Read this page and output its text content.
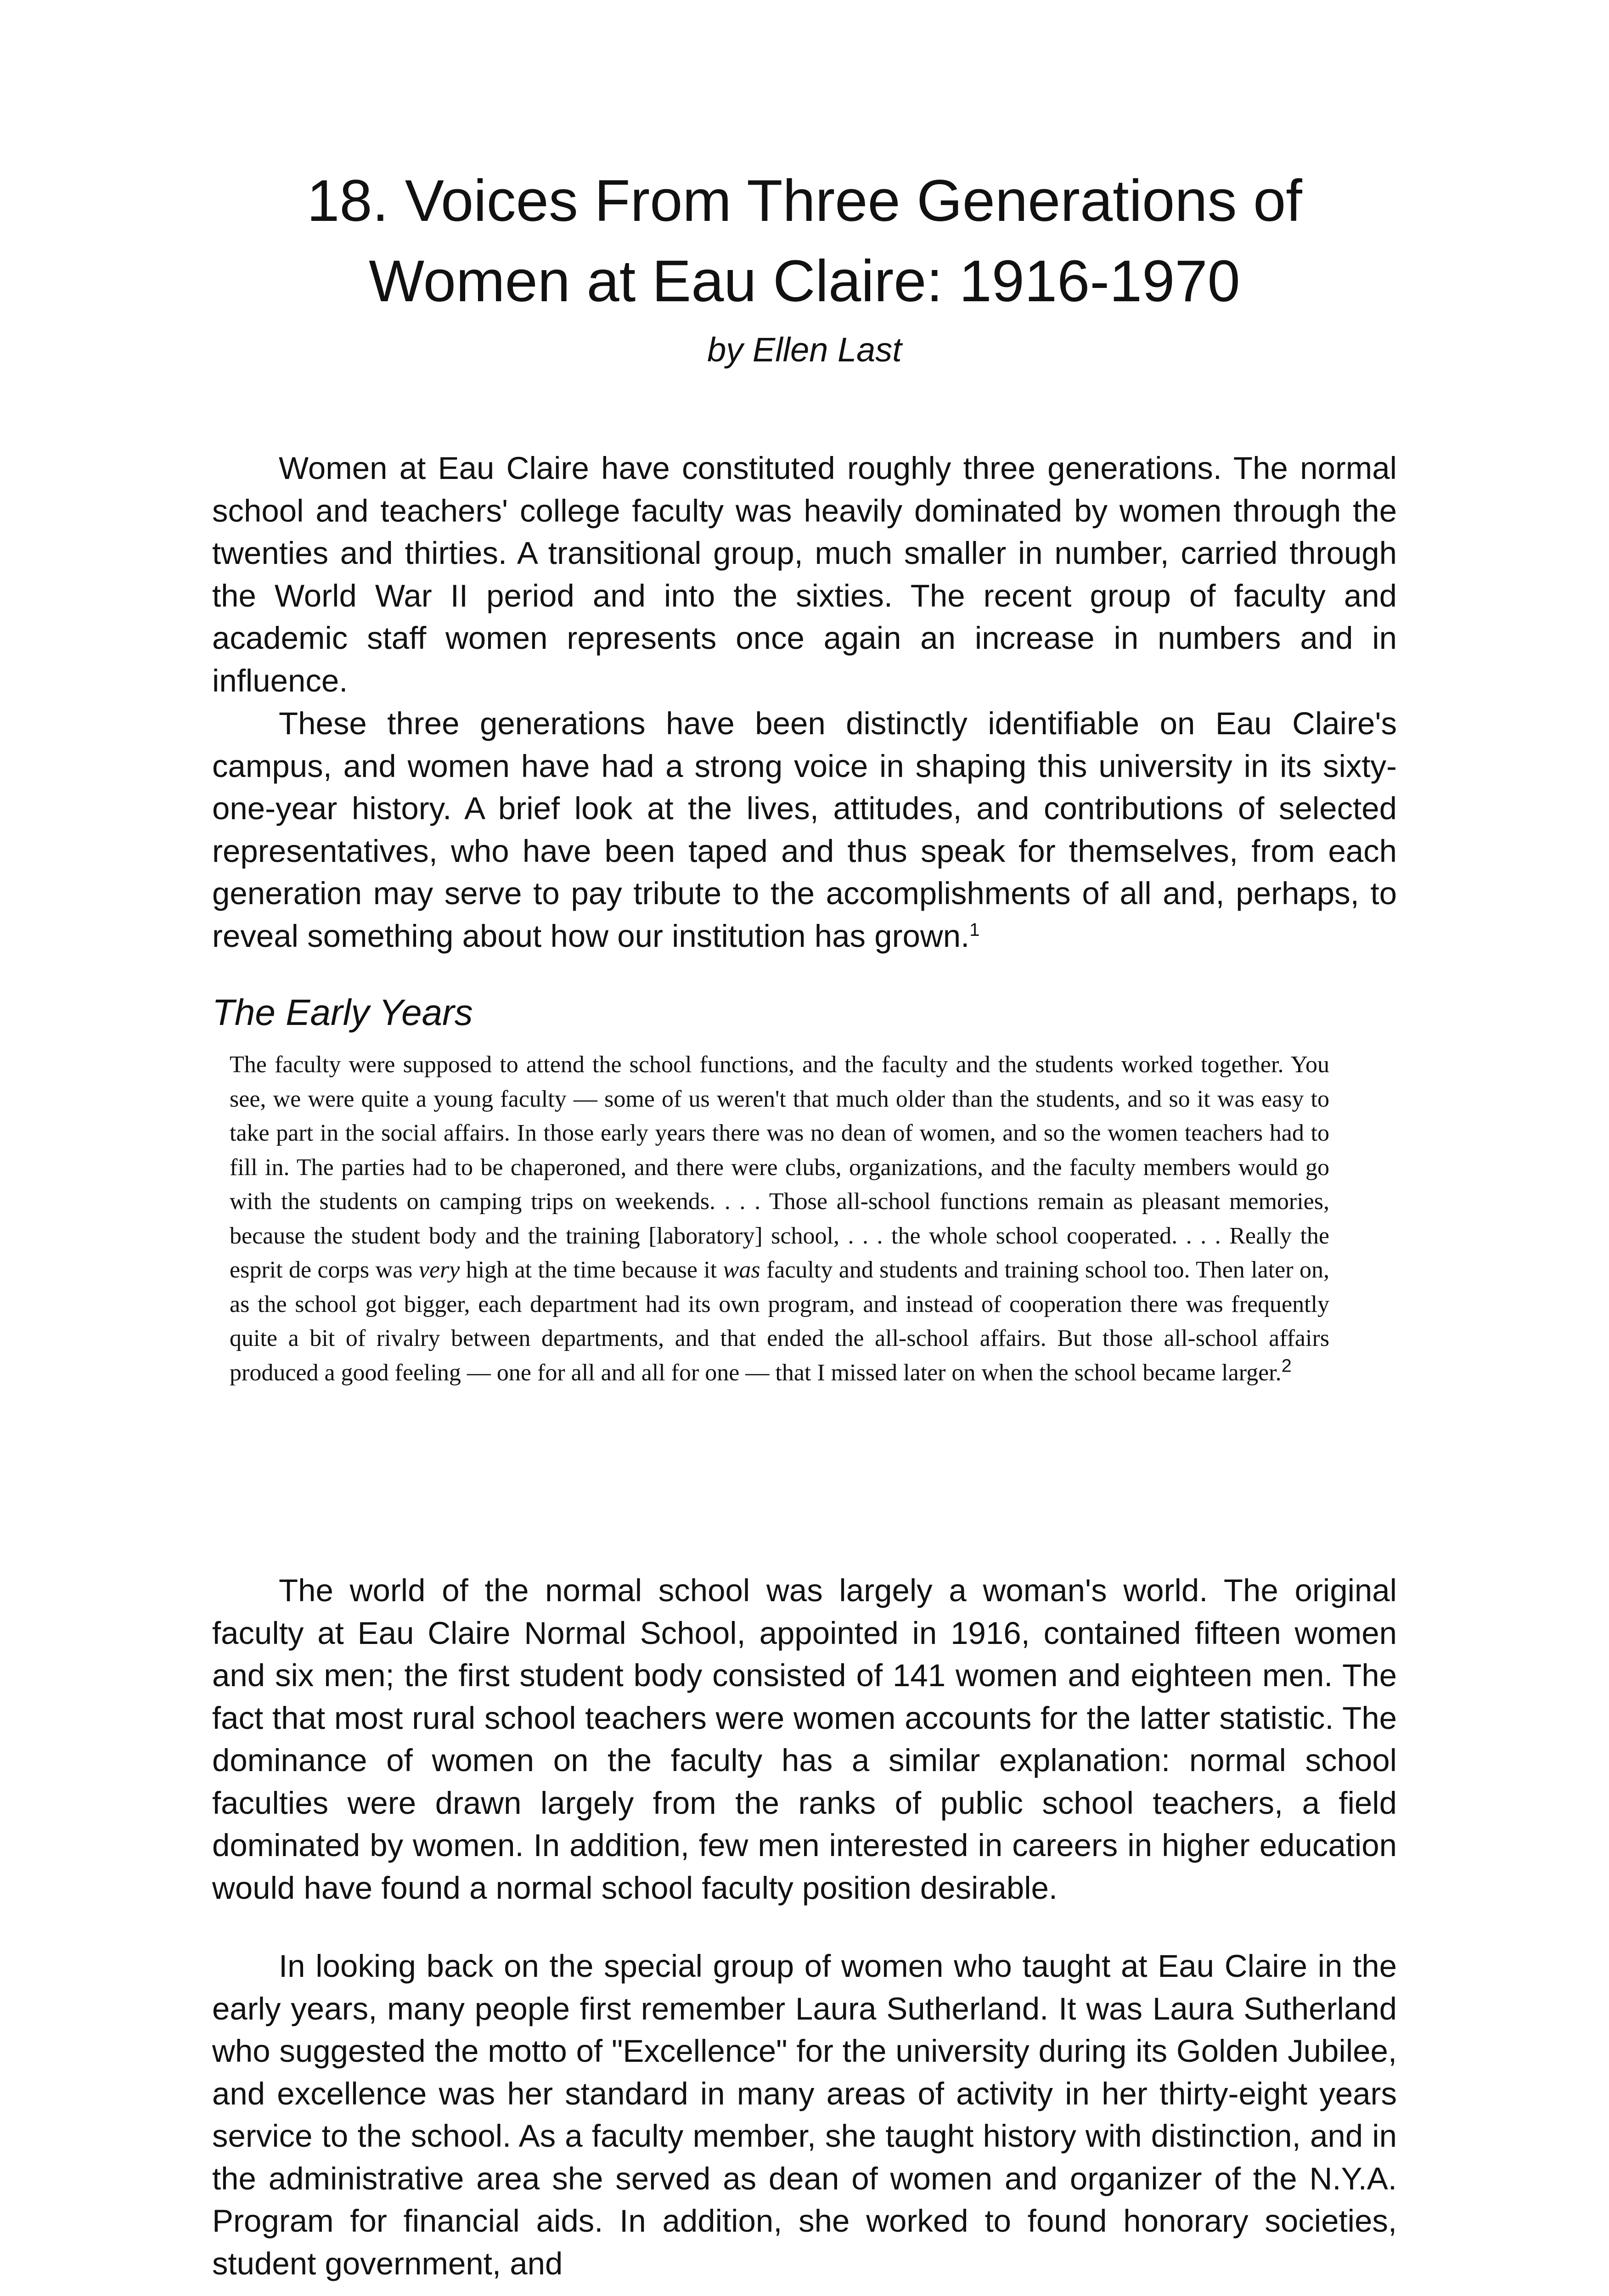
18. Voices From Three Generations of
Women at Eau Claire: 1916-1970
by Ellen Last

Women at Eau Claire have constituted roughly three generations. The normal school and teachers' college faculty was heavily dominated by women through the twenties and thirties. A transitional group, much smaller in number, carried through the World War II period and into the sixties. The recent group of faculty and academic staff women represents once again an increase in numbers and in influence.

These three generations have been distinctly identifiable on Eau Claire's campus, and women have had a strong voice in shaping this university in its sixty-one-year history. A brief look at the lives, attitudes, and contributions of selected representatives, who have been taped and thus speak for themselves, from each generation may serve to pay tribute to the accomplishments of all and, perhaps, to reveal something about how our institution has grown.$^1$

The Early Years

The faculty were supposed to attend the school functions, and the faculty and the students worked together. You see, we were quite a young faculty — some of us weren't that much older than the students, and so it was easy to take part in the social affairs. In those early years there was no dean of women, and so the women teachers had to fill in. The parties had to be chaperoned, and there were clubs, organizations, and the faculty members would go with the students on camping trips on weekends. . . . Those all-school functions remain as pleasant memories, because the student body and the training [laboratory] school, . . . the whole school cooperated. . . . Really the esprit de corps was very high at the time because it was faculty and students and training school too. Then later on, as the school got bigger, each department had its own program, and instead of cooperation there was frequently quite a bit of rivalry between departments, and that ended the all-school affairs. But those all-school affairs produced a good feeling — one for all and all for one — that I missed later on when the school became larger.$^2$

The world of the normal school was largely a woman's world. The original faculty at Eau Claire Normal School, appointed in 1916, contained fifteen women and six men; the first student body consisted of 141 women and eighteen men. The fact that most rural school teachers were women accounts for the latter statistic. The dominance of women on the faculty has a similar explanation: normal school faculties were drawn largely from the ranks of public school teachers, a field dominated by women. In addition, few men interested in careers in higher education would have found a normal school faculty position desirable.

In looking back on the special group of women who taught at Eau Claire in the early years, many people first remember Laura Sutherland. It was Laura Sutherland who suggested the motto of "Excellence" for the university during its Golden Jubilee, and excellence was her standard in many areas of activity in her thirty-eight years service to the school. As a faculty member, she taught history with distinction, and in the administrative area she served as dean of women and organizer of the N.Y.A. Program for financial aids. In addition, she worked to found honorary societies, student government, and
